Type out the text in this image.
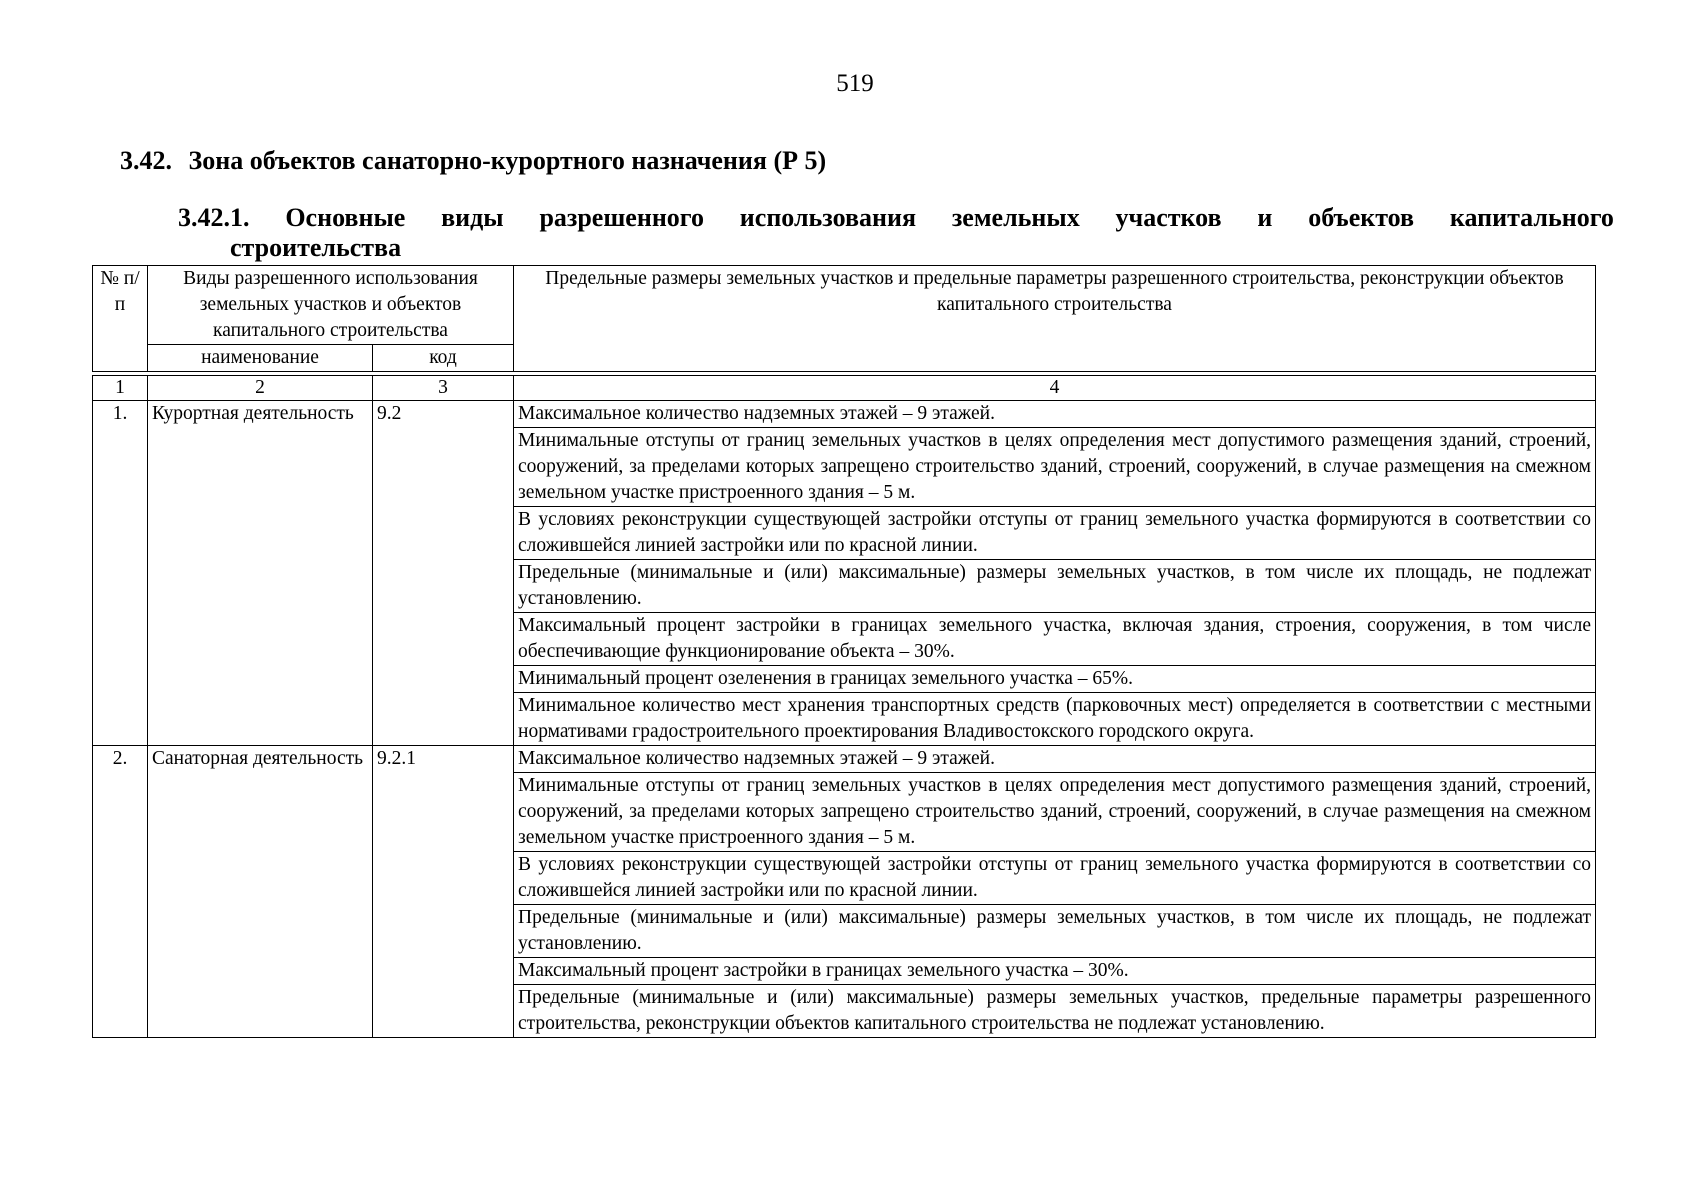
519
3.42. Зона объектов санаторно-курортного назначения (Р 5)
3.42.1. Основные виды разрешенного использования земельных участков и объектов капитального
строительства
№ п/п	Виды разрешенного использования земельных участков и объектов капитального строительства		Предельные размеры земельных участков и предельные параметры разрешенного строительства, реконструкции объектов капитального строительства
	наименование	код	

1	2	3	4
1.	Курортная деятельность	9.2	Максимальное количество надземных этажей – 9 этажей.
			Минимальные отступы от границ земельных участков в целях определения мест допустимого размещения зданий, строений, сооружений, за пределами которых запрещено строительство зданий, строений, сооружений, в случае размещения на смежном земельном участке пристроенного здания – 5 м.
			В условиях реконструкции существующей застройки отступы от границ земельного участка формируются в соответствии со сложившейся линией застройки или по красной линии.
			Предельные (минимальные и (или) максимальные) размеры земельных участков, в том числе их площадь, не подлежат установлению.
			Максимальный процент застройки в границах земельного участка, включая здания, строения, сооружения, в том числе обеспечивающие функционирование объекта – 30%.
			Минимальный процент озеленения в границах земельного участка – 65%.
			Минимальное количество мест хранения транспортных средств (парковочных мест) определяется в соответствии с местными нормативами градостроительного проектирования Владивостокского городского округа.
2.	Санаторная деятельность	9.2.1	Максимальное количество надземных этажей – 9 этажей.
			Минимальные отступы от границ земельных участков в целях определения мест допустимого размещения зданий, строений, сооружений, за пределами которых запрещено строительство зданий, строений, сооружений, в случае размещения на смежном земельном участке пристроенного здания – 5 м.
			В условиях реконструкции существующей застройки отступы от границ земельного участка формируются в соответствии со сложившейся линией застройки или по красной линии.
			Предельные (минимальные и (или) максимальные) размеры земельных участков, в том числе их площадь, не подлежат установлению.
			Максимальный процент застройки в границах земельного участка – 30%.
			Предельные (минимальные и (или) максимальные) размеры земельных участков, предельные параметры разрешенного строительства, реконструкции объектов капитального строительства не подлежат установлению.
